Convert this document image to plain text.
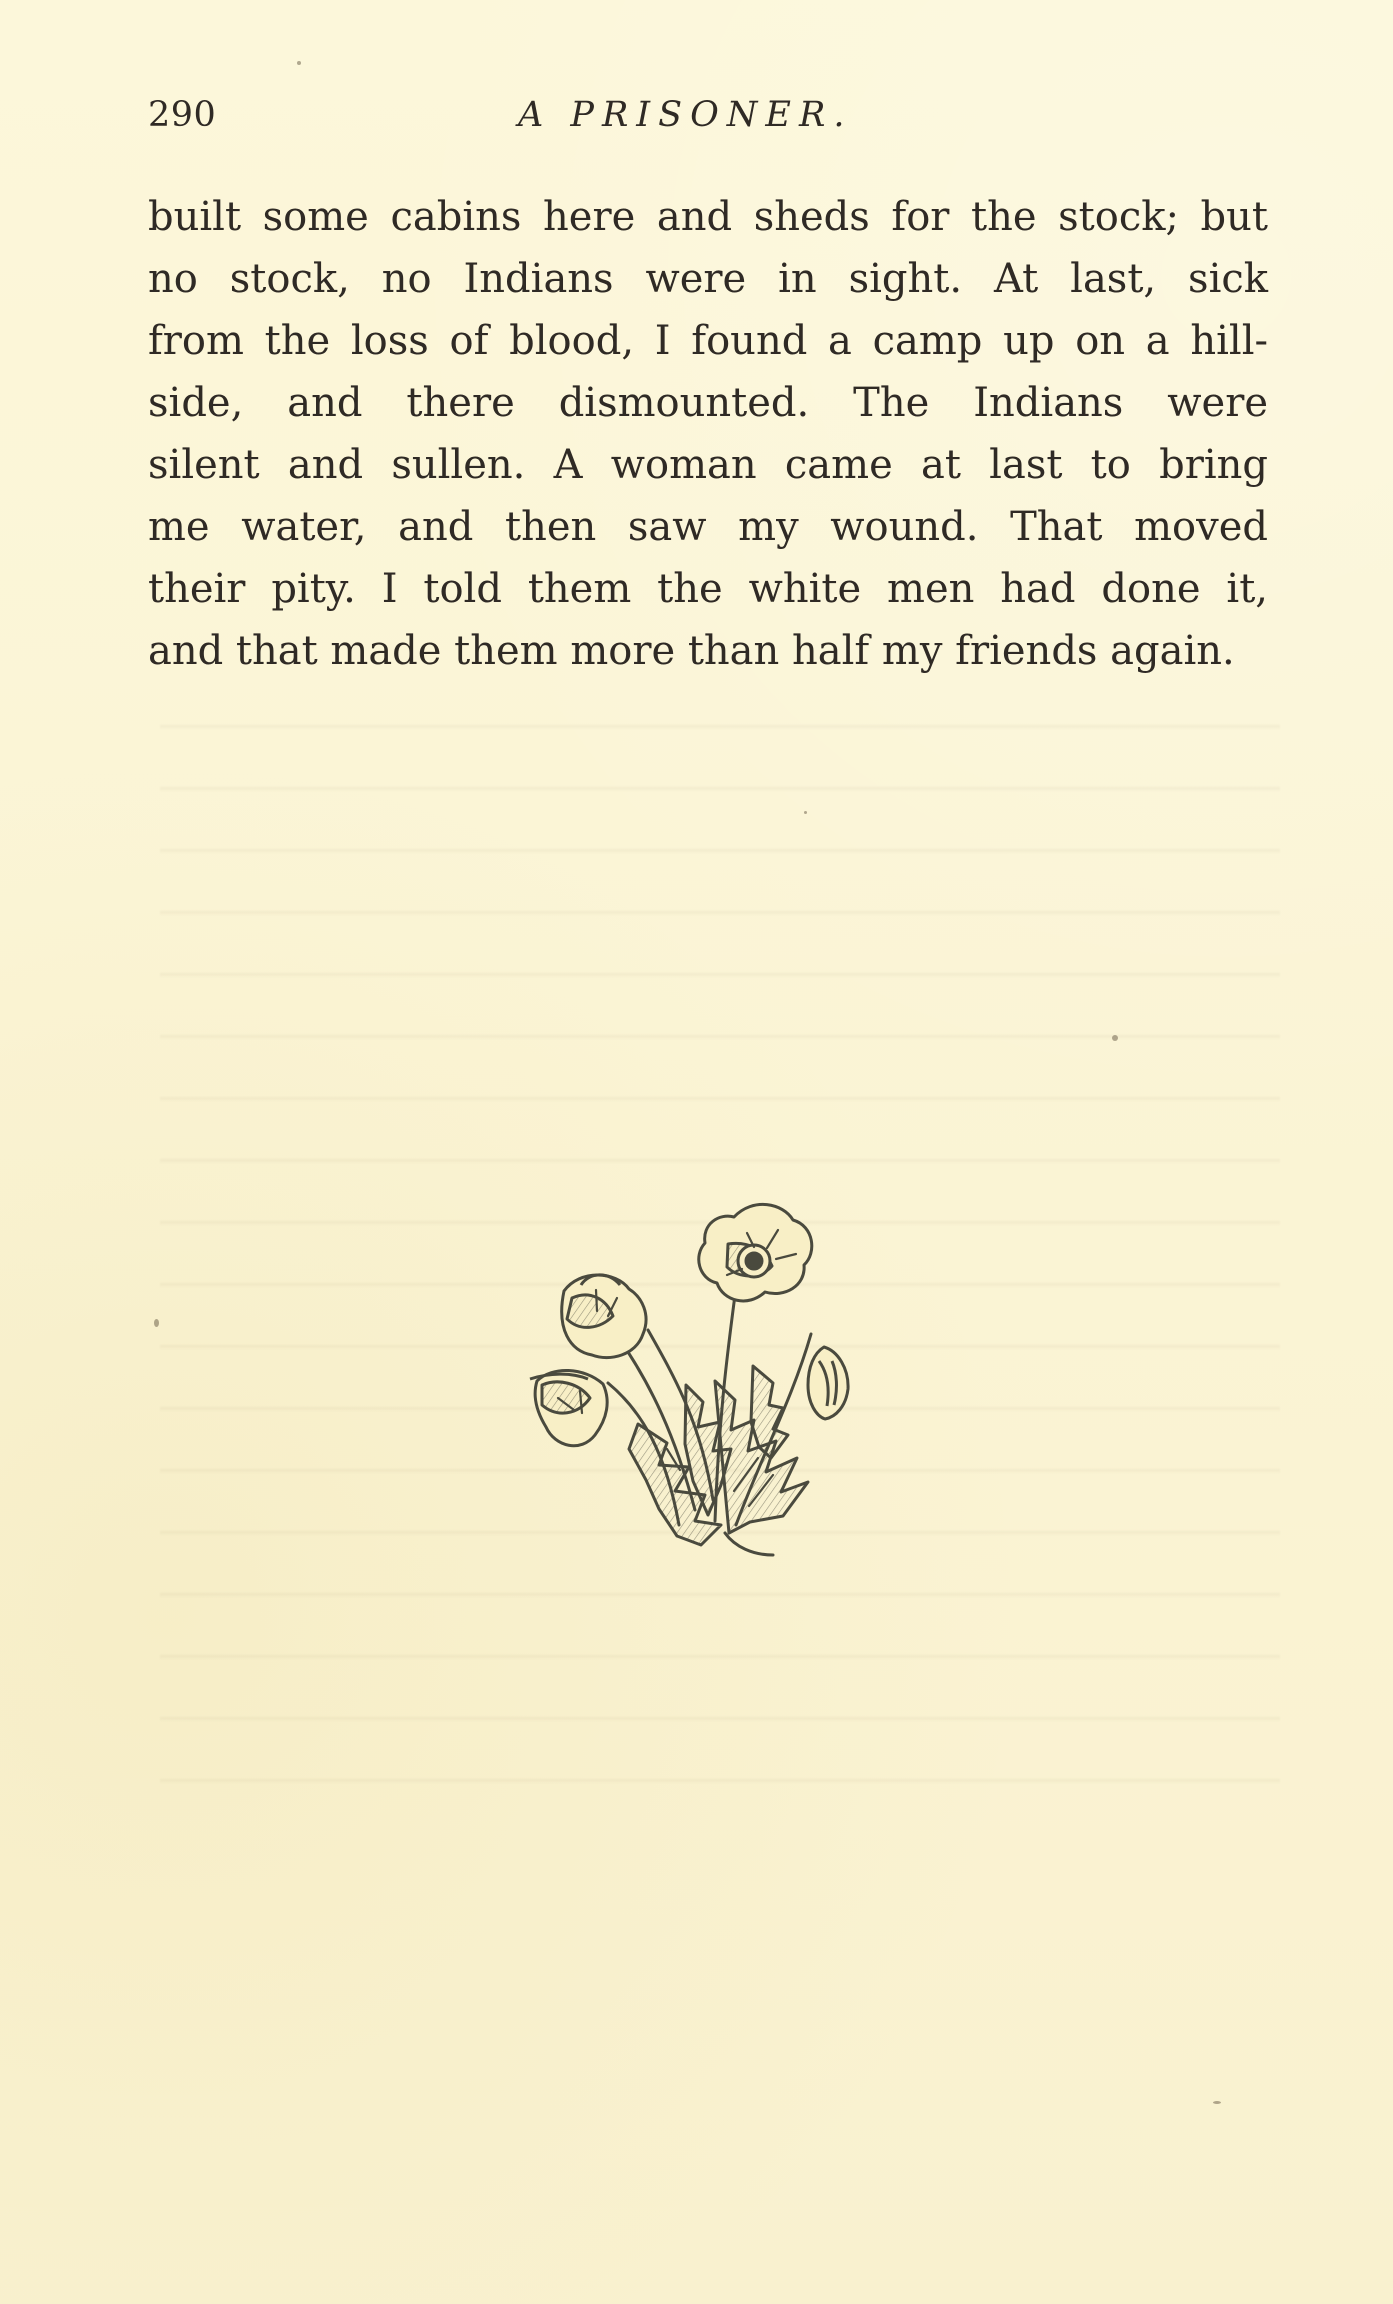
290	A PRISONER.
built some cabins here and sheds for the stock; but
no stock, no Indians were in sight. At last, sick
from the loss of blood, I found a camp up on a hill-
side, and there dismounted. The Indians were
silent and sullen. A woman came at last to bring
me water, and then saw my wound. That moved
their pity. I told them the white men had done it,
and that made them more than half my friends again.
